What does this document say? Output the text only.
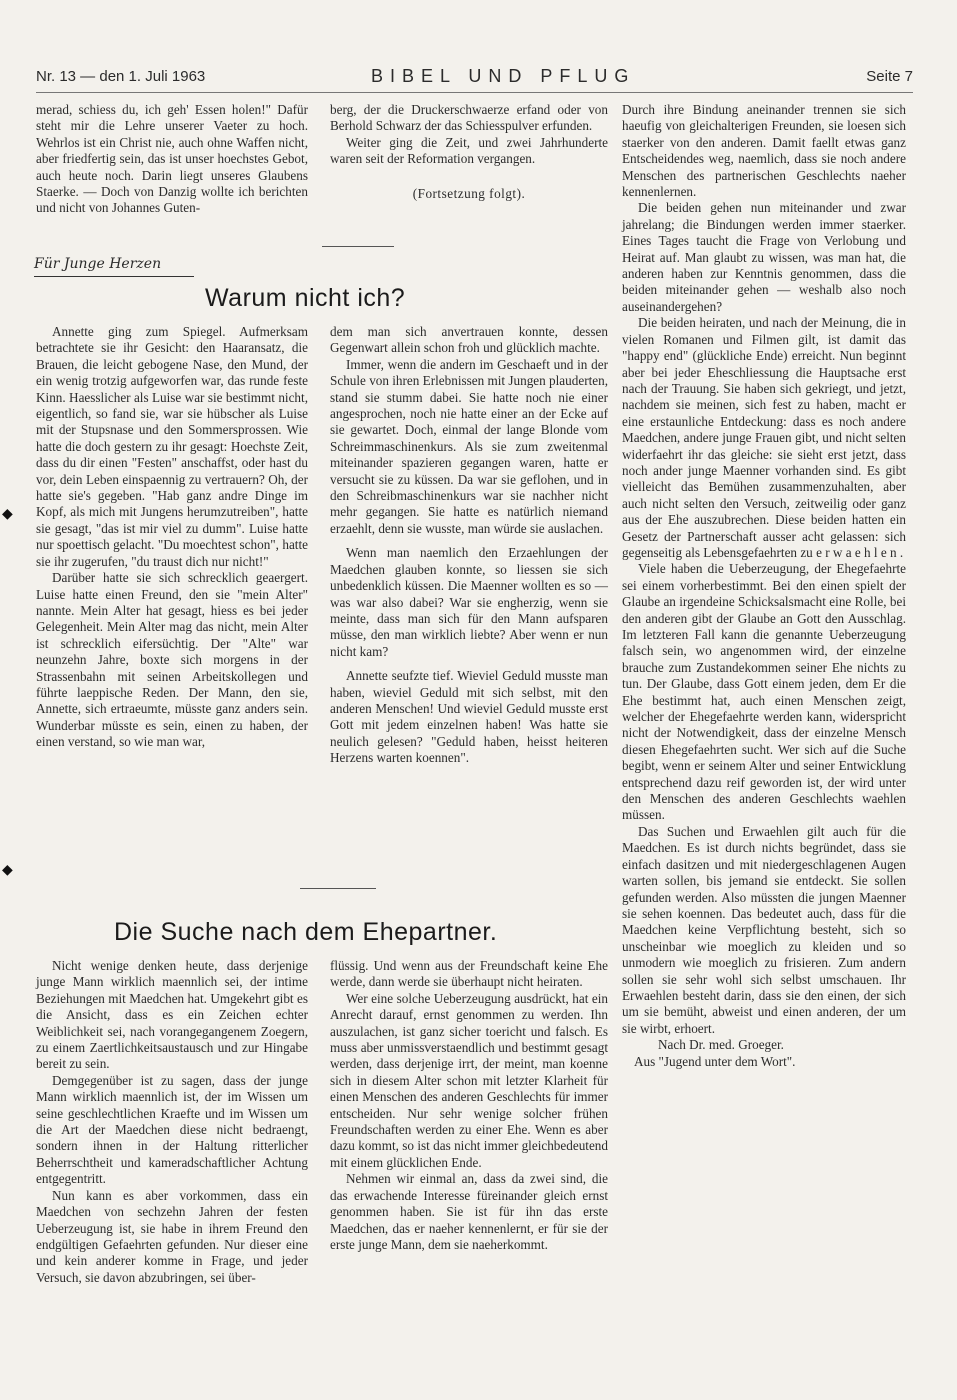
Nr. 13 — den 1. Juli 1963	BIBEL UND PFLUG	Seite 7

merad, schiess du, ich geh' Essen holen!" Dafür steht mir die Lehre unserer Vaeter zu hoch. Wehrlos ist ein Christ nie, auch ohne Waffen nicht, aber friedfertig sein, das ist unser hoechstes Gebot, auch heute noch. Darin liegt unseres Glaubens Staerke. — Doch von Danzig wollte ich berichten und nicht von Johannes Guten-

berg, der die Druckerschwaerze erfand oder von Berhold Schwarz der das Schiesspulver erfunden.

Weiter ging die Zeit, und zwei Jahrhunderte waren seit der Reformation vergangen.

(Fortsetzung folgt).

Für Junge Herzen
Warum nicht ich?

Annette ging zum Spiegel. Aufmerksam betrachtete sie ihr Gesicht: den Haaransatz, die Brauen, die leicht gebogene Nase, den Mund, der ein wenig trotzig aufgeworfen war, das runde feste Kinn. Haesslicher als Luise war sie bestimmt nicht, eigentlich, so fand sie, war sie hübscher als Luise mit der Stupsnase und den Sommersprossen. Wie hatte die doch gestern zu ihr gesagt: Hoechste Zeit, dass du dir einen "Festen" anschaffst, oder hast du vor, dein Leben einspaennig zu vertrauern? Oh, der hatte sie's gegeben. "Hab ganz andre Dinge im Kopf, als mich mit Jungens herumzutreiben", hatte sie gesagt, "das ist mir viel zu dumm". Luise hatte nur spoettisch gelacht. "Du moechtest schon", hatte sie ihr zugerufen, "du traust dich nur nicht!"

Darüber hatte sie sich schrecklich geaergert. Luise hatte einen Freund, den sie "mein Alter" nannte. Mein Alter hat gesagt, hiess es bei jeder Gelegenheit. Mein Alter mag das nicht, mein Alter ist schrecklich eifersüchtig. Der "Alte" war neunzehn Jahre, boxte sich morgens in der Strassenbahn mit seinen Arbeitskollegen und führte laeppische Reden. Der Mann, den sie, Annette, sich ertraeumte, müsste ganz anders sein. Wunderbar müsste es sein, einen zu haben, der einen verstand, so wie man war,

dem man sich anvertrauen konnte, dessen Gegenwart allein schon froh und glücklich machte.

Immer, wenn die andern im Geschaeft und in der Schule von ihren Erlebnissen mit Jungen plauderten, stand sie stumm dabei. Sie hatte noch nie einer angesprochen, noch nie hatte einer an der Ecke auf sie gewartet. Doch, einmal der lange Blonde vom Schreimmaschinenkurs. Als sie zum zweitenmal miteinander spazieren gegangen waren, hatte er versucht sie zu küssen. Da war sie geflohen, und in den Schreibmaschinenkurs war sie nachher nicht mehr gegangen. Sie hatte es natürlich niemand erzaehlt, denn sie wusste, man würde sie auslachen.

Wenn man naemlich den Erzaehlungen der Maedchen glauben konnte, so liessen sie sich unbedenklich küssen. Die Maenner wollten es so — was war also dabei? War sie engherzig, wenn sie meinte, dass man sich für den Mann aufsparen müsse, den man wirklich liebte? Aber wenn er nun nicht kam?

Annette seufzte tief. Wieviel Geduld musste man haben, wieviel Geduld mit sich selbst, mit den anderen Menschen! Und wieviel Geduld musste erst Gott mit jedem einzelnen haben! Was hatte sie neulich gelesen? "Geduld haben, heisst heiteren Herzens warten koennen".

Durch ihre Bindung aneinander trennen sie sich haeufig von gleichalterigen Freunden, sie loesen sich staerker von den anderen. Damit faellt etwas ganz Entscheidendes weg, naemlich, dass sie noch andere Menschen des partnerischen Geschlechts naeher kennenlernen.

Die beiden gehen nun miteinander und zwar jahrelang; die Bindungen werden immer staerker. Eines Tages taucht die Frage von Verlobung und Heirat auf. Man glaubt zu wissen, was man hat, die anderen haben zur Kenntnis genommen, dass die beiden miteinander gehen — weshalb also noch auseinandergehen?

Die beiden heiraten, und nach der Meinung, die in vielen Romanen und Filmen gilt, ist damit das "happy end" (glückliche Ende) erreicht. Nun beginnt aber bei jeder Eheschliessung die Hauptsache erst nach der Trauung. Sie haben sich gekriegt, und jetzt, nachdem sie meinen, sich fest zu haben, macht er eine erstaunliche Entdeckung: dass es noch andere Maedchen, andere junge Frauen gibt, und nicht selten widerfaehrt ihr das gleiche: sie sieht erst jetzt, dass noch ander junge Maenner vorhanden sind. Es gibt vielleicht das Bemühen zusammenzuhalten, aber auch nicht selten den Versuch, zeitweilig oder ganz aus der Ehe auszubrechen. Diese beiden hatten ein Gesetz der Partnerschaft ausser acht gelassen: sich gegenseitig als Lebensgefaehrten zu e r w a e h l e n .

Viele haben die Ueberzeugung, der Ehegefaehrte sei einem vorherbestimmt. Bei den einen spielt der Glaube an irgendeine Schicksalsmacht eine Rolle, bei den anderen gibt der Glaube an Gott den Ausschlag. Im letzteren Fall kann die genannte Ueberzeugung falsch sein, wo angenommen wird, der einzelne brauche zum Zustandekommen seiner Ehe nichts zu tun. Der Glaube, dass Gott einem jeden, dem Er die Ehe bestimmt hat, auch einen Menschen zeigt, welcher der Ehegefaehrte werden kann, widerspricht nicht der Notwendigkeit, dass der einzelne Mensch diesen Ehegefaehrten sucht. Wer sich auf die Suche begibt, wenn er seinem Alter und seiner Entwicklung entsprechend dazu reif geworden ist, der wird unter den Menschen des anderen Geschlechts waehlen müssen.

Das Suchen und Erwaehlen gilt auch für die Maedchen. Es ist durch nichts begründet, dass sie einfach dasitzen und mit niedergeschlagenen Augen warten sollen, bis jemand sie entdeckt. Sie sollen gefunden werden. Also müssten die jungen Maenner sie sehen koennen. Das bedeutet auch, dass für die Maedchen keine Verpflichtung besteht, sich so unscheinbar wie moeglich zu kleiden und so unmodern wie moeglich zu frisieren. Zum andern sollen sie sehr wohl sich selbst umschauen. Ihr Erwaehlen besteht darin, dass sie den einen, der sich um sie bemüht, abweist und einen anderen, der um sie wirbt, erhoert.

Nach Dr. med. Groeger.

Aus "Jugend unter dem Wort".

Die Suche nach dem Ehepartner.

Nicht wenige denken heute, dass derjenige junge Mann wirklich maennlich sei, der intime Beziehungen mit Maedchen hat. Umgekehrt gibt es die Ansicht, dass es ein Zeichen echter Weiblichkeit sei, nach vorangegangenem Zoegern, zu einem Zaertlichkeitsaustausch und zur Hingabe bereit zu sein.

Demgegenüber ist zu sagen, dass der junge Mann wirklich maennlich ist, der im Wissen um seine geschlechtlichen Kraefte und im Wissen um die Art der Maedchen diese nicht bedraengt, sondern ihnen in der Haltung ritterlicher Beherrschtheit und kameradschaftlicher Achtung entgegentritt.

Nun kann es aber vorkommen, dass ein Maedchen von sechzehn Jahren der festen Ueberzeugung ist, sie habe in ihrem Freund den endgültigen Gefaehrten gefunden. Nur dieser eine und kein anderer komme in Frage, und jeder Versuch, sie davon abzubringen, sei über-

flüssig. Und wenn aus der Freundschaft keine Ehe werde, dann werde sie überhaupt nicht heiraten.

Wer eine solche Ueberzeugung ausdrückt, hat ein Anrecht darauf, ernst genommen zu werden. Ihn auszulachen, ist ganz sicher toericht und falsch. Es muss aber unmissverstaendlich und bestimmt gesagt werden, dass derjenige irrt, der meint, man koenne sich in diesem Alter schon mit letzter Klarheit für einen Menschen des anderen Geschlechts für immer entscheiden. Nur sehr wenige solcher frühen Freundschaften werden zu einer Ehe. Wenn es aber dazu kommt, so ist das nicht immer gleichbedeutend mit einem glücklichen Ende.

Nehmen wir einmal an, dass da zwei sind, die das erwachende Interesse füreinander gleich ernst genommen haben. Sie ist für ihn das erste Maedchen, das er naeher kennenlernt, er für sie der erste junge Mann, dem sie naeherkommt.

◆
◆
